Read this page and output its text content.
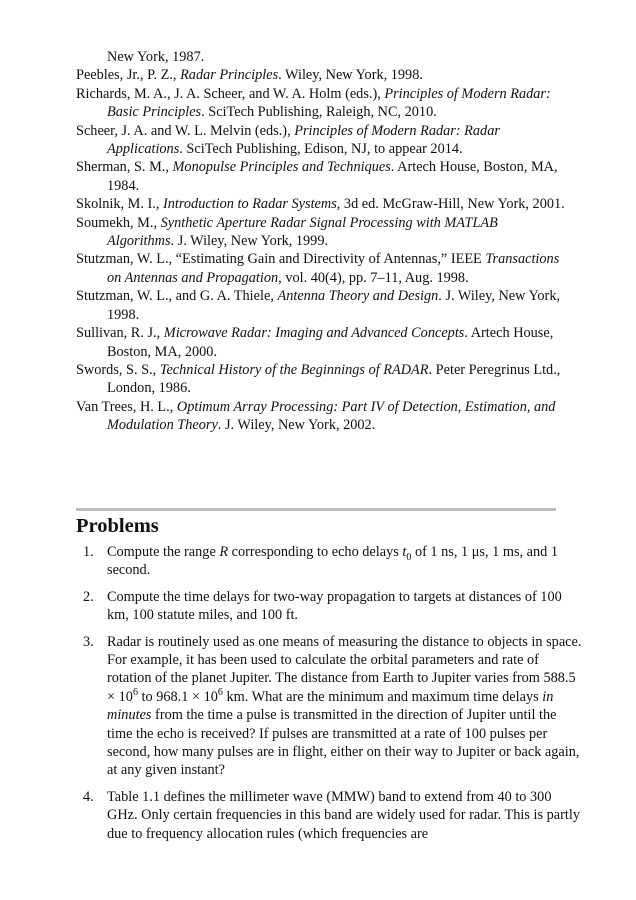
New York, 1987.
Peebles, Jr., P. Z., Radar Principles. Wiley, New York, 1998.
Richards, M. A., J. A. Scheer, and W. A. Holm (eds.), Principles of Modern Radar: Basic Principles. SciTech Publishing, Raleigh, NC, 2010.
Scheer, J. A. and W. L. Melvin (eds.), Principles of Modern Radar: Radar Applications. SciTech Publishing, Edison, NJ, to appear 2014.
Sherman, S. M., Monopulse Principles and Techniques. Artech House, Boston, MA, 1984.
Skolnik, M. I., Introduction to Radar Systems, 3d ed. McGraw-Hill, New York, 2001.
Soumekh, M., Synthetic Aperture Radar Signal Processing with MATLAB Algorithms. J. Wiley, New York, 1999.
Stutzman, W. L., “Estimating Gain and Directivity of Antennas,” IEEE Transactions on Antennas and Propagation, vol. 40(4), pp. 7–11, Aug. 1998.
Stutzman, W. L., and G. A. Thiele, Antenna Theory and Design. J. Wiley, New York, 1998.
Sullivan, R. J., Microwave Radar: Imaging and Advanced Concepts. Artech House, Boston, MA, 2000.
Swords, S. S., Technical History of the Beginnings of RADAR. Peter Peregrinus Ltd., London, 1986.
Van Trees, H. L., Optimum Array Processing: Part IV of Detection, Estimation, and Modulation Theory. J. Wiley, New York, 2002.
Problems
1. Compute the range R corresponding to echo delays $t_0$ of 1 ns, 1 μs, 1 ms, and 1 second.
2. Compute the time delays for two-way propagation to targets at distances of 100 km, 100 statute miles, and 100 ft.
3. Radar is routinely used as one means of measuring the distance to objects in space. For example, it has been used to calculate the orbital parameters and rate of rotation of the planet Jupiter. The distance from Earth to Jupiter varies from $588.5 \times 10^6$ to $968.1 \times 10^6$ km. What are the minimum and maximum time delays in minutes from the time a pulse is transmitted in the direction of Jupiter until the time the echo is received? If pulses are transmitted at a rate of 100 pulses per second, how many pulses are in flight, either on their way to Jupiter or back again, at any given instant?
4. Table 1.1 defines the millimeter wave (MMW) band to extend from 40 to 300 GHz. Only certain frequencies in this band are widely used for radar. This is partly due to frequency allocation rules (which frequencies are
